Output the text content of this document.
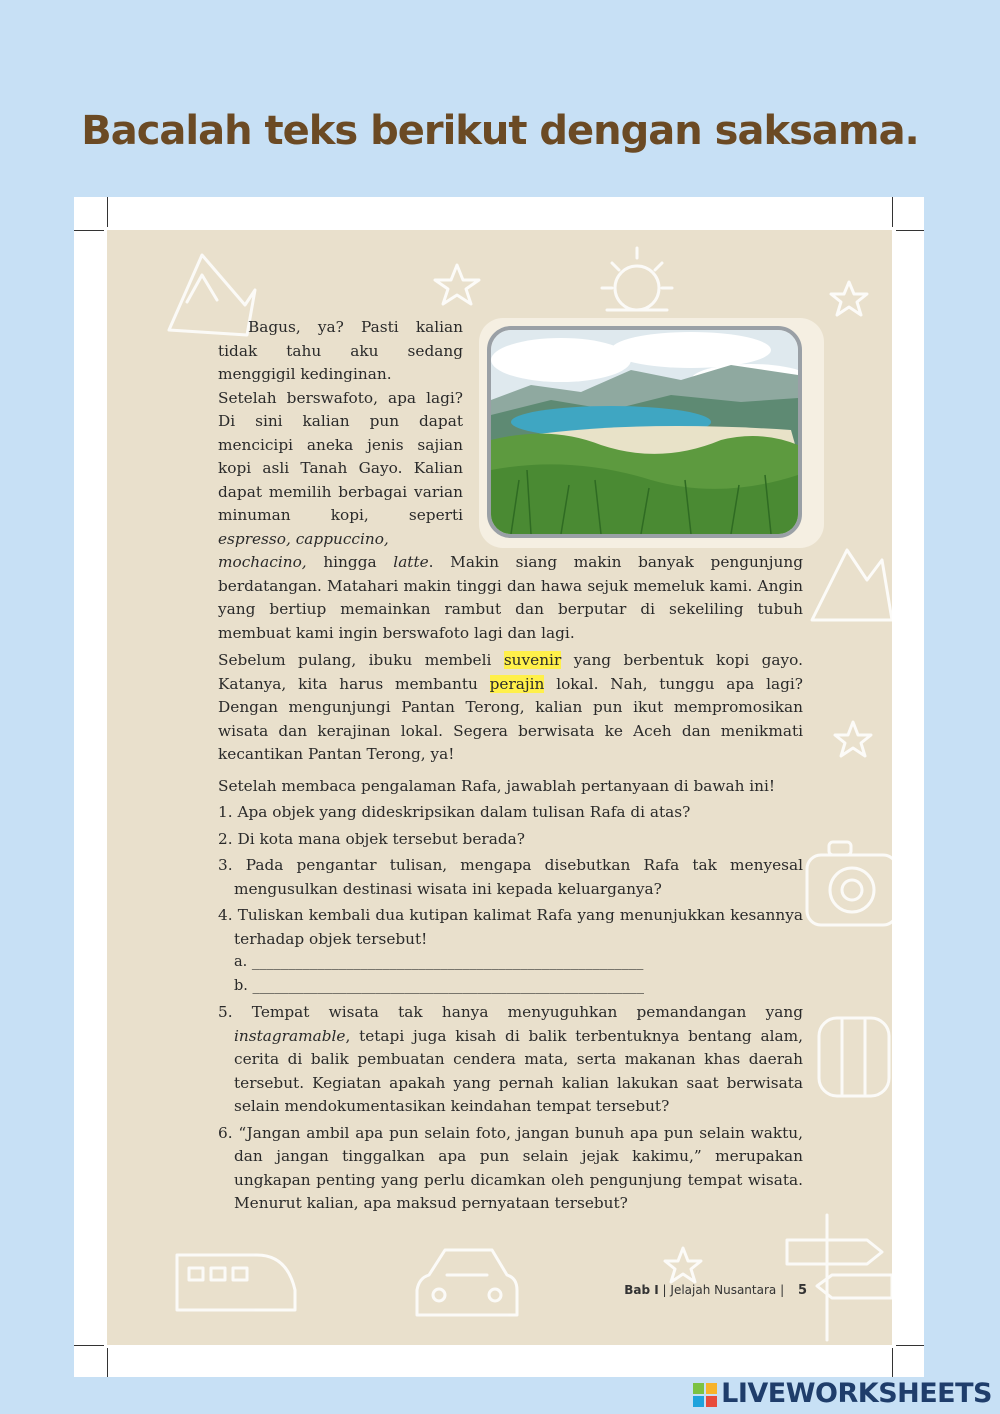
Bacalah teks berikut dengan saksama.

Bagus, ya? Pasti kalian tidak tahu aku sedang menggigil kedinginan.

Setelah berswafoto, apa lagi? Di sini kalian pun dapat mencicipi aneka jenis sajian kopi asli Tanah Gayo. Kalian dapat memilih berbagai varian minuman kopi, seperti espresso, cappuccino,

mochacino, hingga latte. Makin siang makin banyak pengunjung berdatangan. Matahari makin tinggi dan hawa sejuk memeluk kami. Angin yang bertiup memainkan rambut dan berputar di sekeliling tubuh membuat kami ingin berswafoto lagi dan lagi.

Sebelum pulang, ibuku membeli suvenir yang berbentuk kopi gayo. Katanya, kita harus membantu perajin lokal. Nah, tunggu apa lagi? Dengan mengunjungi Pantan Terong, kalian pun ikut mempromosikan wisata dan kerajinan lokal. Segera berwisata ke Aceh dan menikmati kecantikan Pantan Terong, ya!

Setelah membaca pengalaman Rafa, jawablah pertanyaan di bawah ini!

1. Apa objek yang dideskripsikan dalam tulisan Rafa di atas?

2. Di kota mana objek tersebut berada?

3. Pada pengantar tulisan, mengapa disebutkan Rafa tak menyesal mengusulkan destinasi wisata ini kepada keluarganya?

4. Tuliskan kembali dua kutipan kalimat Rafa yang menunjukkan kesannya terhadap objek tersebut!

a. ______________________________________________________
b. ______________________________________________________

5. Tempat wisata tak hanya menyuguhkan pemandangan yang instagramable, tetapi juga kisah di balik terbentuknya bentang alam, cerita di balik pembuatan cendera mata, serta makanan khas daerah tersebut. Kegiatan apakah yang pernah kalian lakukan saat berwisata selain mendokumentasikan keindahan tempat tersebut?

6. “Jangan ambil apa pun selain foto, jangan bunuh apa pun selain waktu, dan jangan tinggalkan apa pun selain jejak kakimu,” merupakan ungkapan penting yang perlu dicamkan oleh pengunjung tempat wisata. Menurut kalian, apa maksud pernyataan tersebut?

Bab I | Jelajah Nusantara | 5
LIVEWORKSHEETS
